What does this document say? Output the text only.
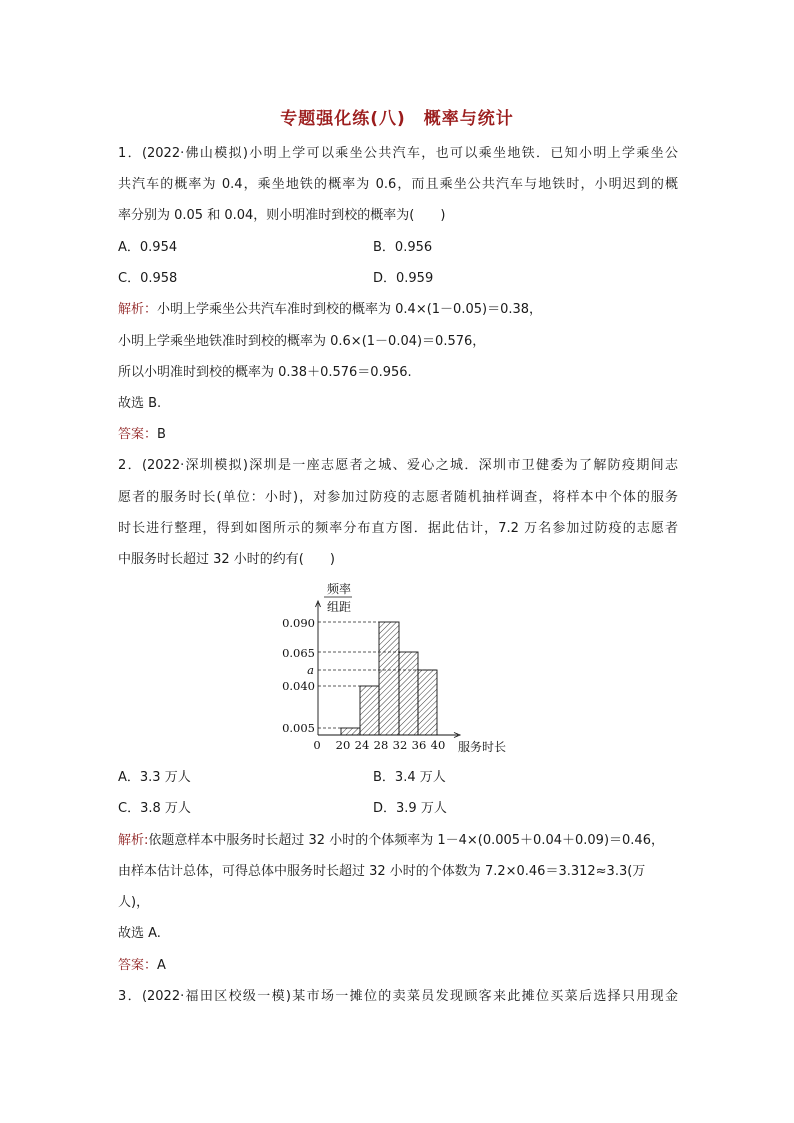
专题强化练(八)　概率与统计
1．(2022·佛山模拟)小明上学可以乘坐公共汽车，也可以乘坐地铁．已知小明上学乘坐公
共汽车的概率为 0.4，乘坐地铁的概率为 0.6，而且乘坐公共汽车与地铁时，小明迟到的概
率分别为 0.05 和 0.04，则小明准时到校的概率为(　　)
A．0.954	B．0.956
C．0.958	D．0.959
解析：小明上学乘坐公共汽车准时到校的概率为 0.4×(1－0.05)＝0.38，
小明上学乘坐地铁准时到校的概率为 0.6×(1－0.04)＝0.576，
所以小明准时到校的概率为 0.38＋0.576＝0.956.
故选 B.
答案：B
2．(2022·深圳模拟)深圳是一座志愿者之城、爱心之城．深圳市卫健委为了解防疫期间志
愿者的服务时长(单位：小时)，对参加过防疫的志愿者随机抽样调查，将样本中个体的服务
时长进行整理，得到如图所示的频率分布直方图．据此估计，7.2 万名参加过防疫的志愿者
中服务时长超过 32 小时的约有(　　)
频率
组距
0.090
0.065
a
0.040
0.005
0 20 24 28 32 36 40 服务时长
A．3.3 万人	B．3.4 万人
C．3.8 万人	D．3.9 万人
解析:依题意样本中服务时长超过 32 小时的个体频率为 1－4×(0.005＋0.04＋0.09)＝0.46，
由样本估计总体，可得总体中服务时长超过 32 小时的个体数为 7.2×0.46＝3.312≈3.3(万
人)，
故选 A.
答案：A
3．(2022·福田区校级一模)某市场一摊位的卖菜员发现顾客来此摊位买菜后选择只用现金
